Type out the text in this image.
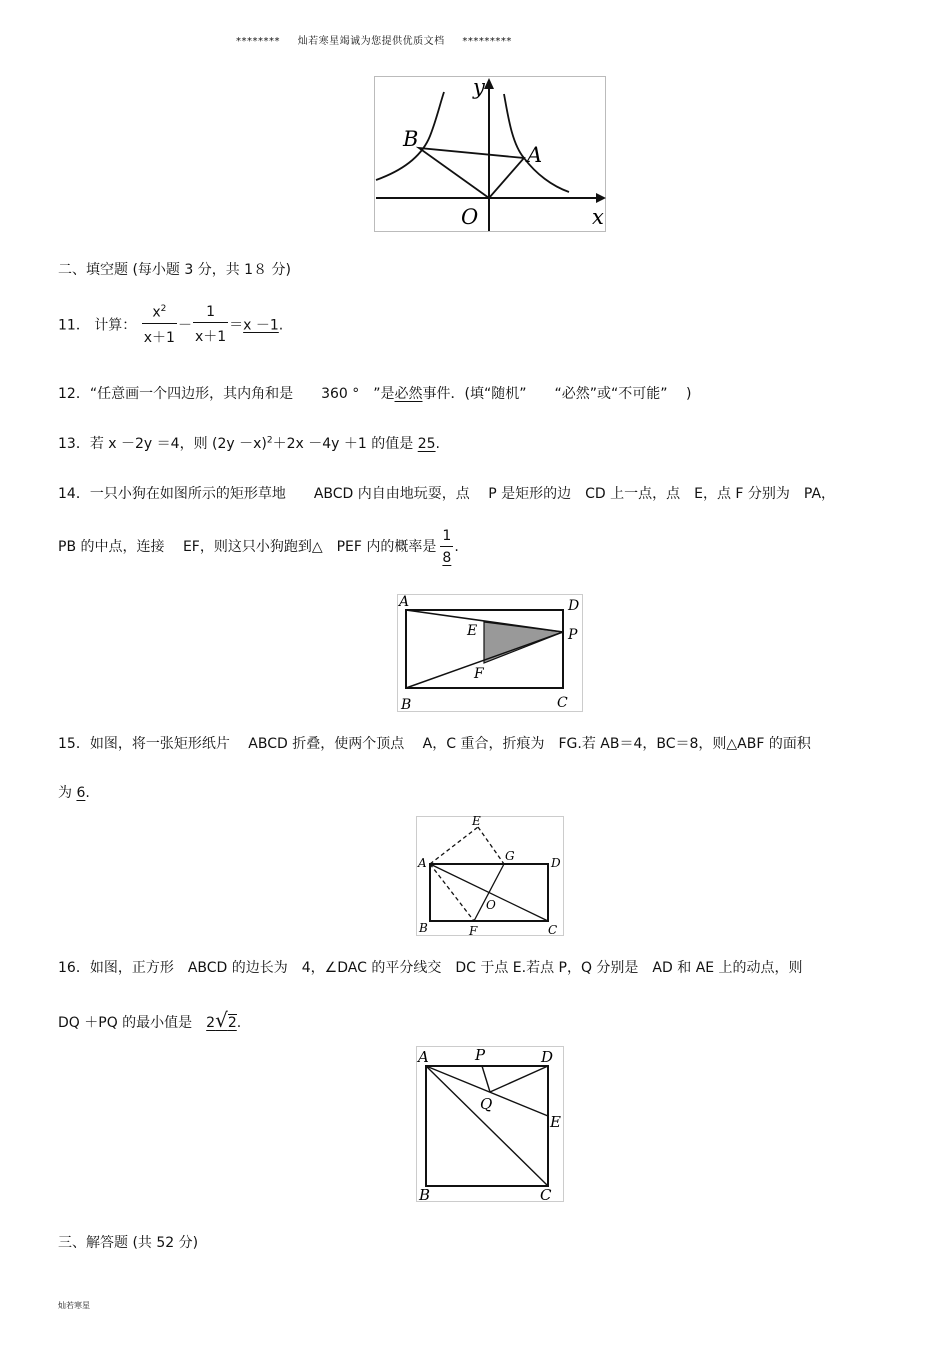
******** 灿若寒星竭诚为您提供优质文档 *********
B
A
y
O	x
二、填空题 (每小题 3 分，共 1８ 分)
11． 计算： $\frac{x^2}{x+1} - \frac{1}{x+1} =x -1$.
12．“任意画一个四边形，其内角和是　　360 °　”是必然事件．(填“随机”　　“必然”或“不可能”　 )
13．若 x －2y ＝4，则 $(2y -x)^2+2x -4y +1$ 的值是 25.
14．一只小狗在如图所示的矩形草地　　ABCD 内自由地玩耍，点　 P 是矩形的边　CD 上一点，点　E，点 F 分别为　PA，
PB 的中点，连接　 EF，则这只小狗跑到△　PEF 内的概率是 $\frac{1}{8}$ .
A	D
E	P
F
B	C
15．如图，将一张矩形纸片　 ABCD 折叠，使两个顶点　 A，C 重合，折痕为　FG.若 AB＝4，BC＝8，则△ABF 的面积
为 6.
E
A	G	D
O
B	F	C
16．如图，正方形　ABCD 的边长为　4，∠DAC 的平分线交　DC 于点 E.若点 P，Q 分别是　AD 和 AE 上的动点，则
DQ ＋PQ 的最小值是　 2√2.
A	P	D
Q
E
B	C
三、解答题 (共 52 分)
灿若寒星
